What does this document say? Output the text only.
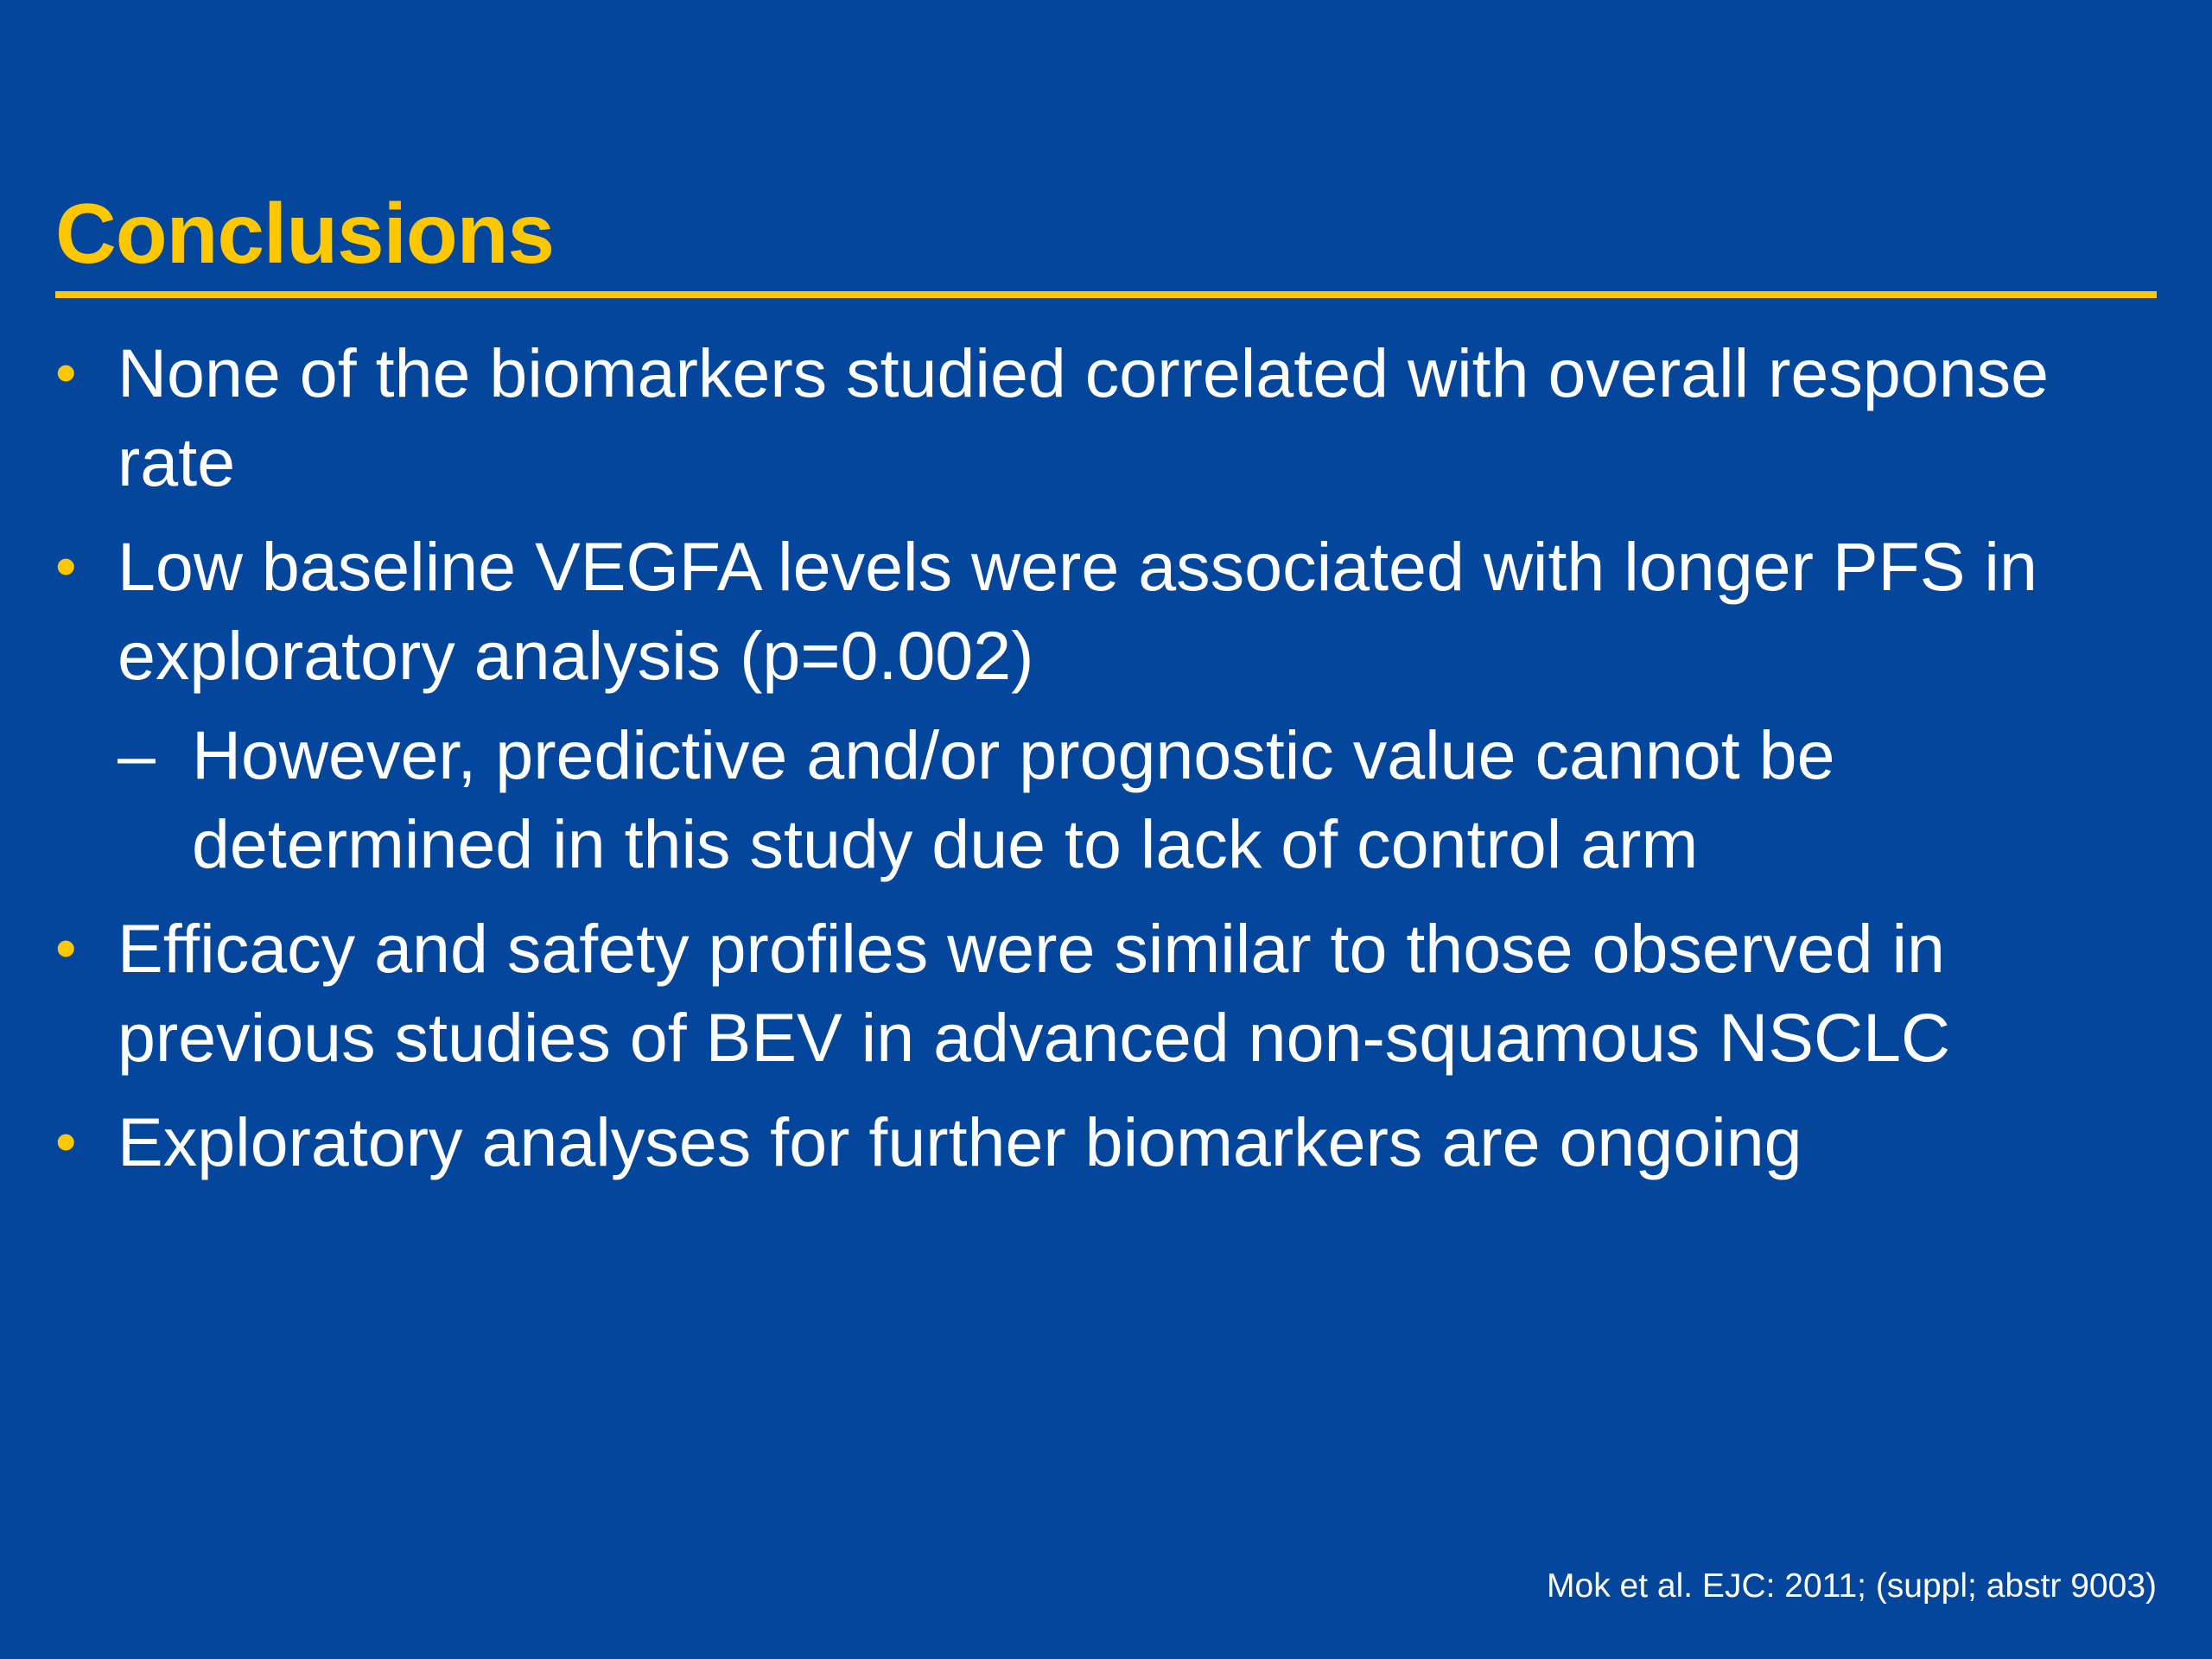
Conclusions
• None of the biomarkers studied correlated with overall response rate
• Low baseline VEGFA levels were associated with longer PFS in exploratory analysis (p=0.002)
– However, predictive and/or prognostic value cannot be determined in this study due to lack of control arm
• Efficacy and safety profiles were similar to those observed in previous studies of BEV in advanced non-squamous NSCLC
• Exploratory analyses for further biomarkers are ongoing
Mok et al. EJC: 2011; (suppl; abstr 9003)
